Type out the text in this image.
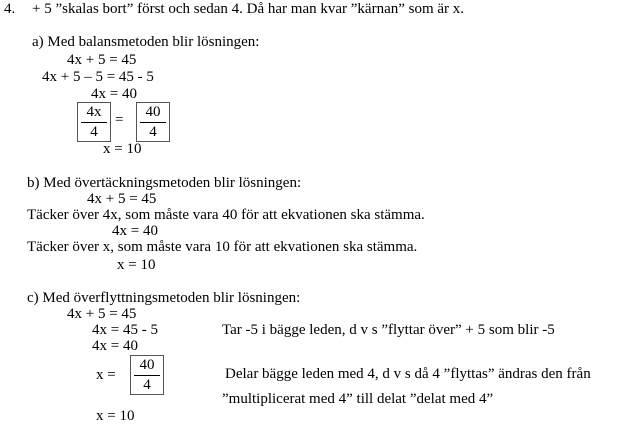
4. + 5 ”skalas bort” först och sedan 4. Då har man kvar ”kärnan” som är x.
a) Med balansmetoden blir lösningen:
4x + 5 = 45
4x + 5 – 5 = 45 - 5
4x = 40
4x
4
=
40
4
x = 10
b) Med övertäckningsmetoden blir lösningen:
4x + 5 = 45
Täcker över 4x, som måste vara 40 för att ekvationen ska stämma.
4x = 40
Täcker över x, som måste vara 10 för att ekvationen ska stämma.
x = 10
c) Med överflyttningsmetoden blir lösningen:
4x + 5 = 45
4x = 45 - 5	Tar -5 i bägge leden, d v s ”flyttar över” + 5 som blir -5
4x = 40
x =
40
4
Delar bägge leden med 4, d v s då 4 ”flyttas” ändras den från
”multiplicerat med 4” till delat ”delat med 4”
x = 10
